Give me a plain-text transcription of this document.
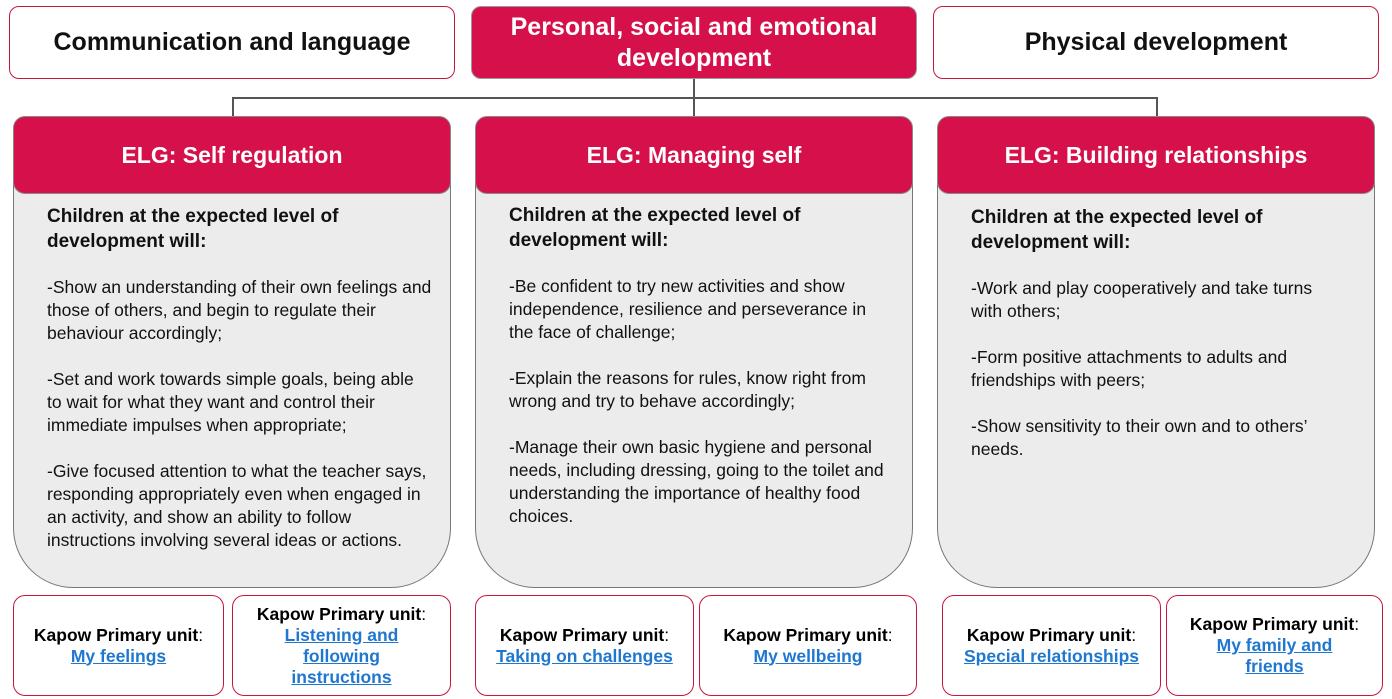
Communication and language
Personal, social and emotional development
Physical development
ELG: Self regulation
Children at the expected level of development will:

-Show an understanding of their own feelings and those of others, and begin to regulate their behaviour accordingly;

-Set and work towards simple goals, being able to wait for what they want and control their immediate impulses when appropriate;

-Give focused attention to what the teacher says, responding appropriately even when engaged in an activity, and show an ability to follow instructions involving several ideas or actions.

ELG: Managing self
Children at the expected level of development will:

-Be confident to try new activities and show independence, resilience and perseverance in the face of challenge;

-Explain the reasons for rules, know right from wrong and try to behave accordingly;

-Manage their own basic hygiene and personal needs, including dressing, going to the toilet and understanding the importance of healthy food choices.

ELG: Building relationships
Children at the expected level of development will:

-Work and play cooperatively and take turns with others;

-Form positive attachments to adults and friendships with peers;

-Show sensitivity to their own and to others’ needs.

Kapow Primary unit:
My feelings
Kapow Primary unit:
Listening and following instructions
Kapow Primary unit:
Taking on challenges
Kapow Primary unit:
My wellbeing
Kapow Primary unit:
Special relationships
Kapow Primary unit:
My family and friends
